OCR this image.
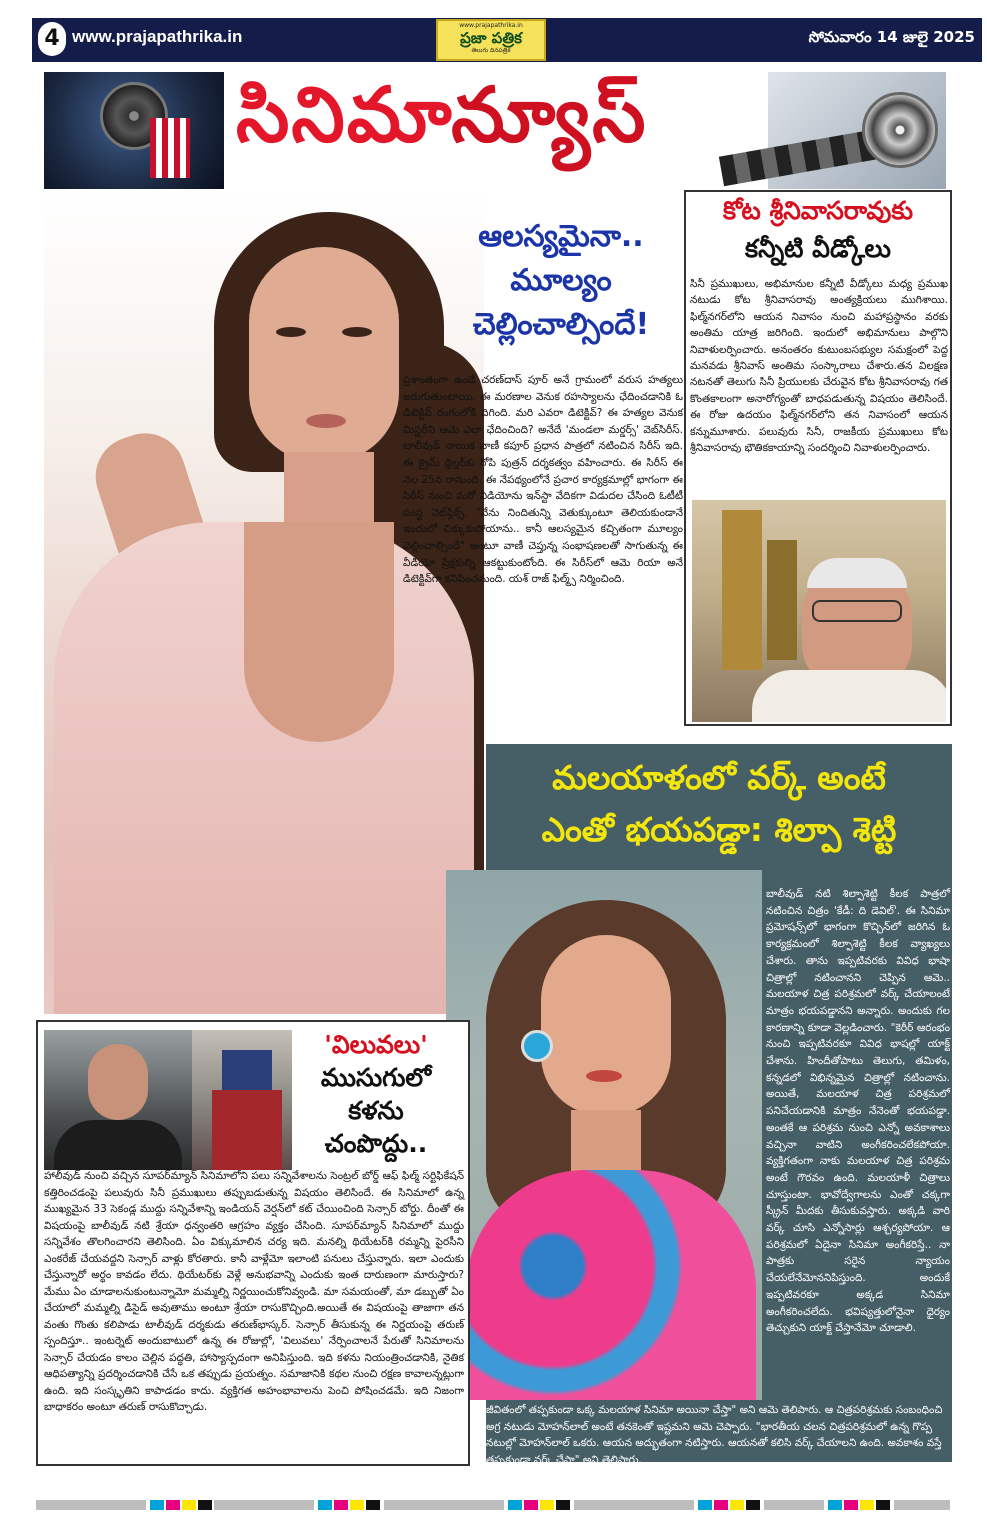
4 www.prajapathrika.in
www.prajapathrika.in
ప్రజా పత్రిక
తెలుగు దినపత్రిక
సోమవారం 14 జులై 2025
సినిమాన్యూస్
ఆలస్యమైనా..
మూల్యం
చెల్లించాల్సిందే!
ప్రశాంతంగా ఉండే చరణ్‌దాస్ పూర్ అనే గ్రామంలో వరుస హత్యలు జరుగుతుంటాయి. ఈ మరణాల వెనుక రహస్యాలను ఛేదించడానికి ఓ డిటెక్టివ్ రంగంలోకి దిగింది. మరి ఎవరా డిటెక్టివ్? ఈ హత్యల వెనుక మిస్టరీని ఆమె ఎలా ఛేదించింది? అనేదే 'మండలా మర్డర్స్' వెబ్‌సిరీస్. బాలీవుడ్ నాయిక వాణీ కపూర్ ప్రధాన పాత్రలో నటించిన సిరీస్ ఇది. ఈ క్రైమ్ థ్రిల్లర్‌కు గోపి పుత్రన్ దర్శకత్వం వహించారు. ఈ సిరీస్ ఈ నెల 25న రానుంది. ఈ నేపథ్యంలోనే ప్రచార కార్యక్రమాల్లో భాగంగా ఈ సిరీస్ నుంచి మరో వీడియోను ఇన్‌స్టా వేదికగా విడుదల చేసింది ఓటీటీ సంస్థ నెట్‌ఫ్లిక్స్. "నేను నిందితున్ని వెతుక్కుంటూ తెలియకుండానే ఇందులో చిక్కుకుపోయాను.. కానీ ఆలస్యమైన కచ్చితంగా మూల్యం చెల్లించాల్సిందే" అంటూ వాణీ చెప్తున్న సంభాషణలతో సాగుతున్న ఈ వీడియో ప్రేక్షకుల్ని ఆకట్టుకుంటోంది. ఈ సిరీస్‌లో ఆమె రియా అనే డిటెక్టివ్‌గా కనిపించనుంది. యశ్ రాజ్ ఫిల్మ్స్ నిర్మించింది.
కోట శ్రీనివాసరావుకు
కన్నీటి వీడ్కోలు
సినీ ప్రముఖులు, అభిమానుల కన్నీటి వీడ్కోలు మధ్య ప్రముఖ నటుడు కోట శ్రీనివాసరావు అంత్యక్రియలు ముగిశాయి. ఫిల్మ్‌నగర్‌లోని ఆయన నివాసం నుంచి మహాప్రస్థానం వరకు అంతిమ యాత్ర జరిగింది. ఇందులో అభిమానులు పాల్గొని నివాళులర్పించారు. అనంతరం కుటుంబసభ్యుల సమక్షంలో పెద్ద మనవడు శ్రీనివాస్ అంతిమ సంస్కారాలు చేశారు.తన విలక్షణ నటనతో తెలుగు సినీ ప్రియులకు చేరువైన కోట శ్రీనివాసరావు గత కొంతకాలంగా అనారోగ్యంతో బాధపడుతున్న విషయం తెలిసిందే. ఈ రోజు ఉదయం ఫిల్మ్‌నగర్‌లోని తన నివాసంలో ఆయన కన్నుమూశారు. పలువురు సినీ, రాజకీయ ప్రముఖులు కోట శ్రీనివాసరావు భౌతికకాయాన్ని సందర్శించి నివాళులర్పించారు.
మలయాళంలో వర్క్ అంటే
ఎంతో భయపడ్డా: శిల్పా శెట్టి
బాలీవుడ్ నటి శిల్పాశెట్టి కీలక పాత్రలో నటించిన చిత్రం 'కేడీ: ది డెవిల్'. ఈ సినిమా ప్రమోషన్స్‌లో భాగంగా కొచ్చిన్‌లో జరిగిన ఓ కార్యక్రమంలో శిల్పాశెట్టి కీలక వ్యాఖ్యలు చేశారు. తాను ఇప్పటివరకు వివిధ భాషా చిత్రాల్లో నటించానని చెప్పిన ఆమె.. మలయాళ చిత్ర పరిశ్రమలో వర్క్ చేయాలంటే మాత్రం భయపడ్డానని అన్నారు. అందుకు గల కారణాన్ని కూడా వెల్లడించారు. "కెరీర్ ఆరంభం నుంచి ఇప్పటివరకూ వివిధ భాషల్లో యాక్ట్ చేశాను. హిందీతోపాటు తెలుగు, తమిళం, కన్నడలో విభిన్నమైన చిత్రాల్లో నటించాను. అయితే, మలయాళ చిత్ర పరిశ్రమలో పనిచేయడానికి మాత్రం నేనెంతో భయపడ్డా. అంతకే ఆ పరిశ్రమ నుంచి ఎన్నో అవకాశాలు వచ్చినా వాటిని అంగీకరించలేకపోయా. వ్యక్తిగతంగా నాకు మలయాళ చిత్ర పరిశ్రమ అంటే గౌరవం ఉంది. మలయాళీ చిత్రాలు చూస్తుంటా. భావోద్వేగాలను ఎంతో చక్కగా స్క్రీన్ మీదకు తీసుకువస్తారు. అక్కడి వారి వర్క్ చూసి ఎన్నోసార్లు ఆశ్చర్యపోయా. ఆ పరిశ్రమలో ఏదైనా సినిమా అంగీకరిస్తే.. నా పాత్రకు సరైన న్యాయం చేయలేనేమోననిపిస్తుంది. అందుకే ఇప్పటివరకూ అక్కడ సినిమా అంగీకరించలేదు. భవిష్యత్తులోనైనా ధైర్యం తెచ్చుకుని యాక్ట్ చేస్తానేమో చూడాలి.
జీవితంలో తప్పకుండా ఒక్క మలయాళ సినిమా అయినా చేస్తా" అని ఆమె తెలిపారు. ఆ చిత్రపరిశ్రమకు సంబంధించి అగ్ర నటుడు మోహన్‌లాల్ అంటే తనకెంతో ఇష్టమని ఆమె చెప్పారు. "భారతీయ చలన చిత్రపరిశ్రమలో ఉన్న గొప్ప నటుల్లో మోహన్‌లాల్ ఒకరు. ఆయన అద్భుతంగా నటిస్తారు. ఆయనతో కలిసి వర్క్ చేయాలని ఉంది. అవకాశం వస్తే తప్పకుండా వర్క్ చేస్తా" అని తెలిపారు.
'విలువలు'
ముసుగులో
కళను
చంపొద్దు..
హాలీవుడ్ నుంచి వచ్చిన సూపర్‌మ్యాన్ సినిమాలోని పలు సన్నివేశాలను సెంట్రల్ బోర్డ్ ఆఫ్ ఫిల్మ్ సర్టిఫికేషన్ కత్తిరించడంపై పలువురు సినీ ప్రముఖులు తప్పుబడుతున్న విషయం తెలిసిందే. ఈ సినిమాలో ఉన్న ముఖ్యమైన 33 సెకండ్ల ముద్దు సన్నివేశాన్ని ఇండియన్ వెర్షన్‌లో కట్ చేయించింది సెన్సార్ బోర్డు. దీంతో ఈ విషయంపై బాలీవుడ్ నటి శ్రేయా ధన్వంతరి ఆగ్రహం వ్యక్తం చేసింది. సూపర్‌మ్యాన్ సినిమాలో ముద్దు సన్నివేశం తొలగించారని తెలిసింది. ఏం విక్కుమాలిన చర్య ఇది. మనల్ని థియేటర్‌కి రమ్మన్ని పైరసీని ఎంకరేజ్ చేయవద్దని సెన్సార్ వాళ్లు కోరతారు. కానీ వాళ్లేమో ఇలాంటి పనులు చేస్తున్నారు. ఇలా ఎందుకు చేస్తున్నారో అర్థం కావడం లేదు. థియేటర్‌కు వెళ్లే అనుభవాన్ని ఎందుకు ఇంత దారుణంగా మారుస్తారు? మేము ఏం చూడాలనుకుంటున్నామో మమ్మల్ని నిర్ణయించుకోనివ్వండి. మా సమయంతో, మా డబ్బుతో ఏం చేయాలో మమ్మల్ని డిసైడ్ అవుతాము అంటూ శ్రేయా రాసుకొచ్చింది.అయితే ఈ విషయంపై తాజాగా తన వంతు గొంతు కలిపాడు టాలీవుడ్ దర్శకుడు తరుణ్‌భాస్కర్. సెన్సార్ తీసుకున్న ఈ నిర్ణయంపై తరుణ్ స్పందిస్తూ.. ఇంటర్నెట్ అందుబాటులో ఉన్న ఈ రోజుల్లో, 'విలువలు' నేర్పించాలనే పేరుతో సినిమాలను సెన్సార్ చేయడం కాలం చెల్లిన పద్ధతి, హాస్యాస్పదంగా అనిపిస్తుంది. ఇది కళను నియంత్రించడానికి, నైతిక ఆధిపత్యాన్ని ప్రదర్శించడానికి చేసే ఒక తప్పుడు ప్రయత్నం. సమాజానికి కథల నుంచి రక్షణ కావాలన్నట్లుగా ఉంది. ఇది సంస్కృతిని కాపాడడం కాదు. వ్యక్తిగత అహంభావాలను పెంచి పోషించడమే. ఇది నిజంగా బాధాకరం అంటూ తరుణ్ రాసుకొచ్చాడు.
